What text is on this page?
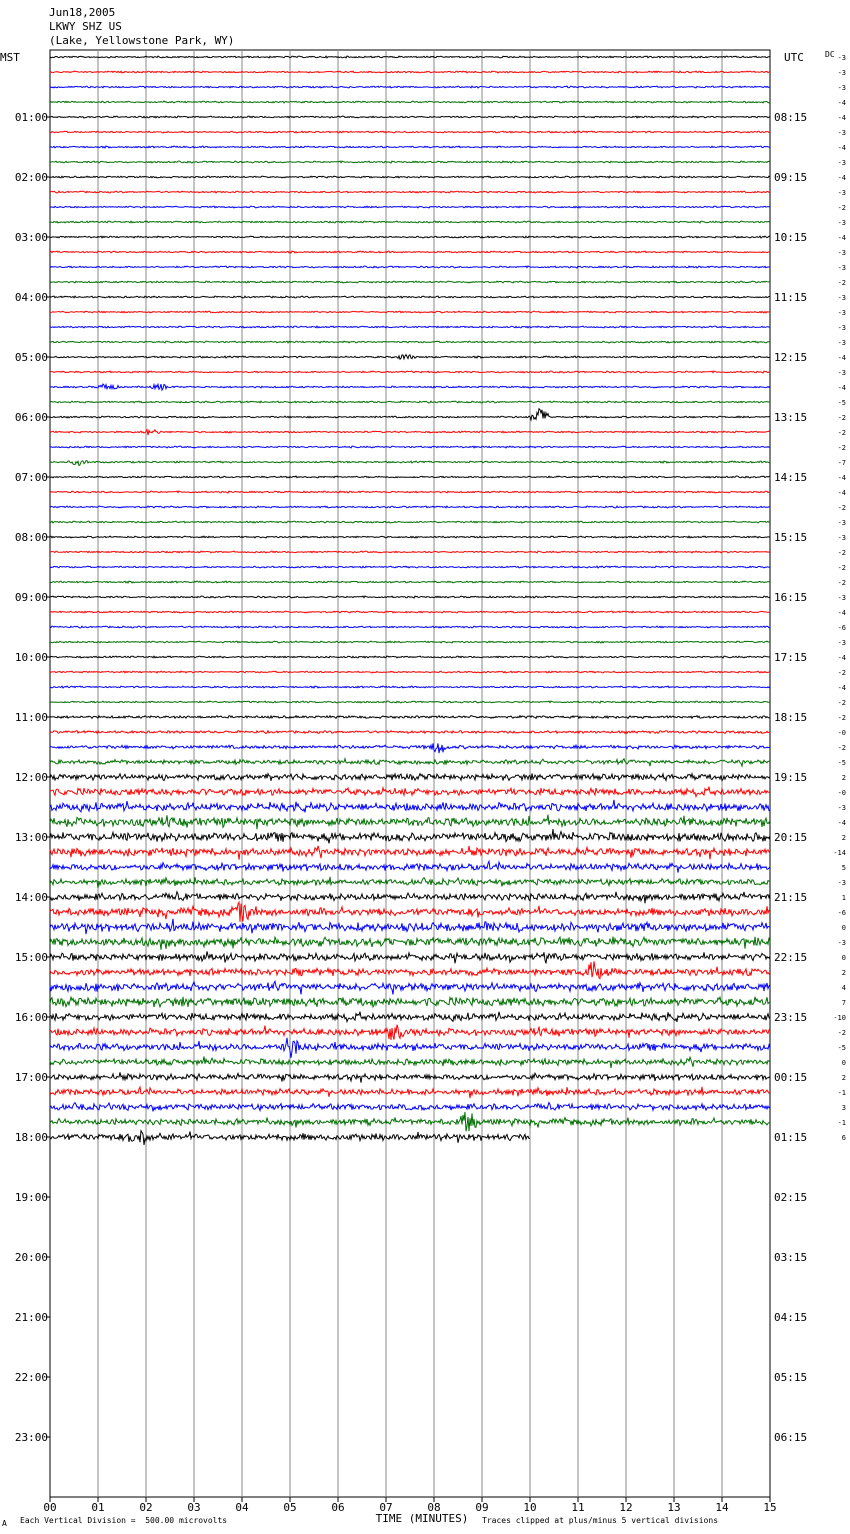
Jun18,2005
LKWY SHZ US
(Lake, Yellowstone Park, WY)
MST	UTC	DC
01:00
02:00
03:00
04:00
05:00
06:00
07:00
08:00
09:00
10:00
11:00
12:00
13:00
14:00
15:00
16:00
17:00
18:00
19:00
20:00
21:00
22:00
23:00
08:15
09:15
10:15
11:15
12:15
13:15
14:15
15:15
16:15
17:15
18:15
19:15
20:15
21:15
22:15
23:15
00:15
01:15
02:15
03:15
04:15
05:15
06:15
-3
-3
-3
-4
-4
-3
-4
-3
-4
-3
-2
-3
-4
-3
-3
-2
-3
-3
-3
-3
-4
-3
-4
-5
-2
-2
-2
-7
-4
-4
-2
-3
-3
-2
-2
-2
-3
-4
-6
-3
-4
-2
-4
-2
-2
-0
-2
-5
2
-0
-3
-4
2
-14
5
-3
1
-6
0
-3
0
2
4
7
-10
-2
-5
0
2
-1
3
-1
6
00	01	02	03	04	05	06	07	08	09	10	11	12	13	14	15
TIME (MINUTES)
A Each Vertical Division =  500.00 microvolts	Traces clipped at plus/minus 5 vertical divisions
